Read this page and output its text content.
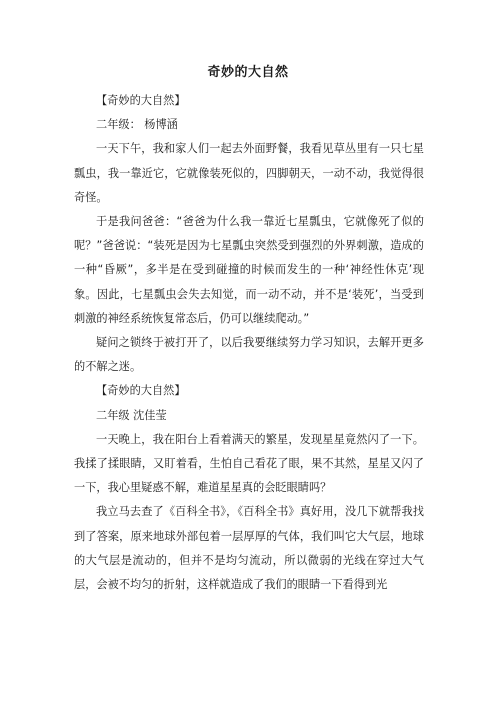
奇妙的大自然

【奇妙的大自然】

二年级： 杨博涵

一天下午，我和家人们一起去外面野餐，我看见草丛里有一只七星瓢虫，我一靠近它，它就像装死似的，四脚朝天，一动不动，我觉得很奇怪。

于是我问爸爸：“爸爸为什么我一靠近七星瓢虫，它就像死了似的呢？”爸爸说：“装死是因为七星瓢虫突然受到强烈的外界刺激，造成的一种“昏厥”，多半是在受到碰撞的时候而发生的一种‘神经性休克’现象。因此，七星瓢虫会失去知觉，而一动不动，并不是‘装死’，当受到刺激的神经系统恢复常态后，仍可以继续爬动。”

疑问之锁终于被打开了，以后我要继续努力学习知识，去解开更多的不解之迷。

【奇妙的大自然】

二年级 沈佳莹

一天晚上，我在阳台上看着满天的繁星，发现星星竟然闪了一下。我揉了揉眼睛，又盯着看，生怕自己看花了眼，果不其然，星星又闪了一下，我心里疑惑不解，难道星星真的会眨眼睛吗？

我立马去查了《百科全书》，《百科全书》真好用，没几下就帮我找到了答案，原来地球外部包着一层厚厚的气体，我们叫它大气层，地球的大气层是流动的，但并不是均匀流动，所以微弱的光线在穿过大气层，会被不均匀的折射，这样就造成了我们的眼睛一下看得到光
